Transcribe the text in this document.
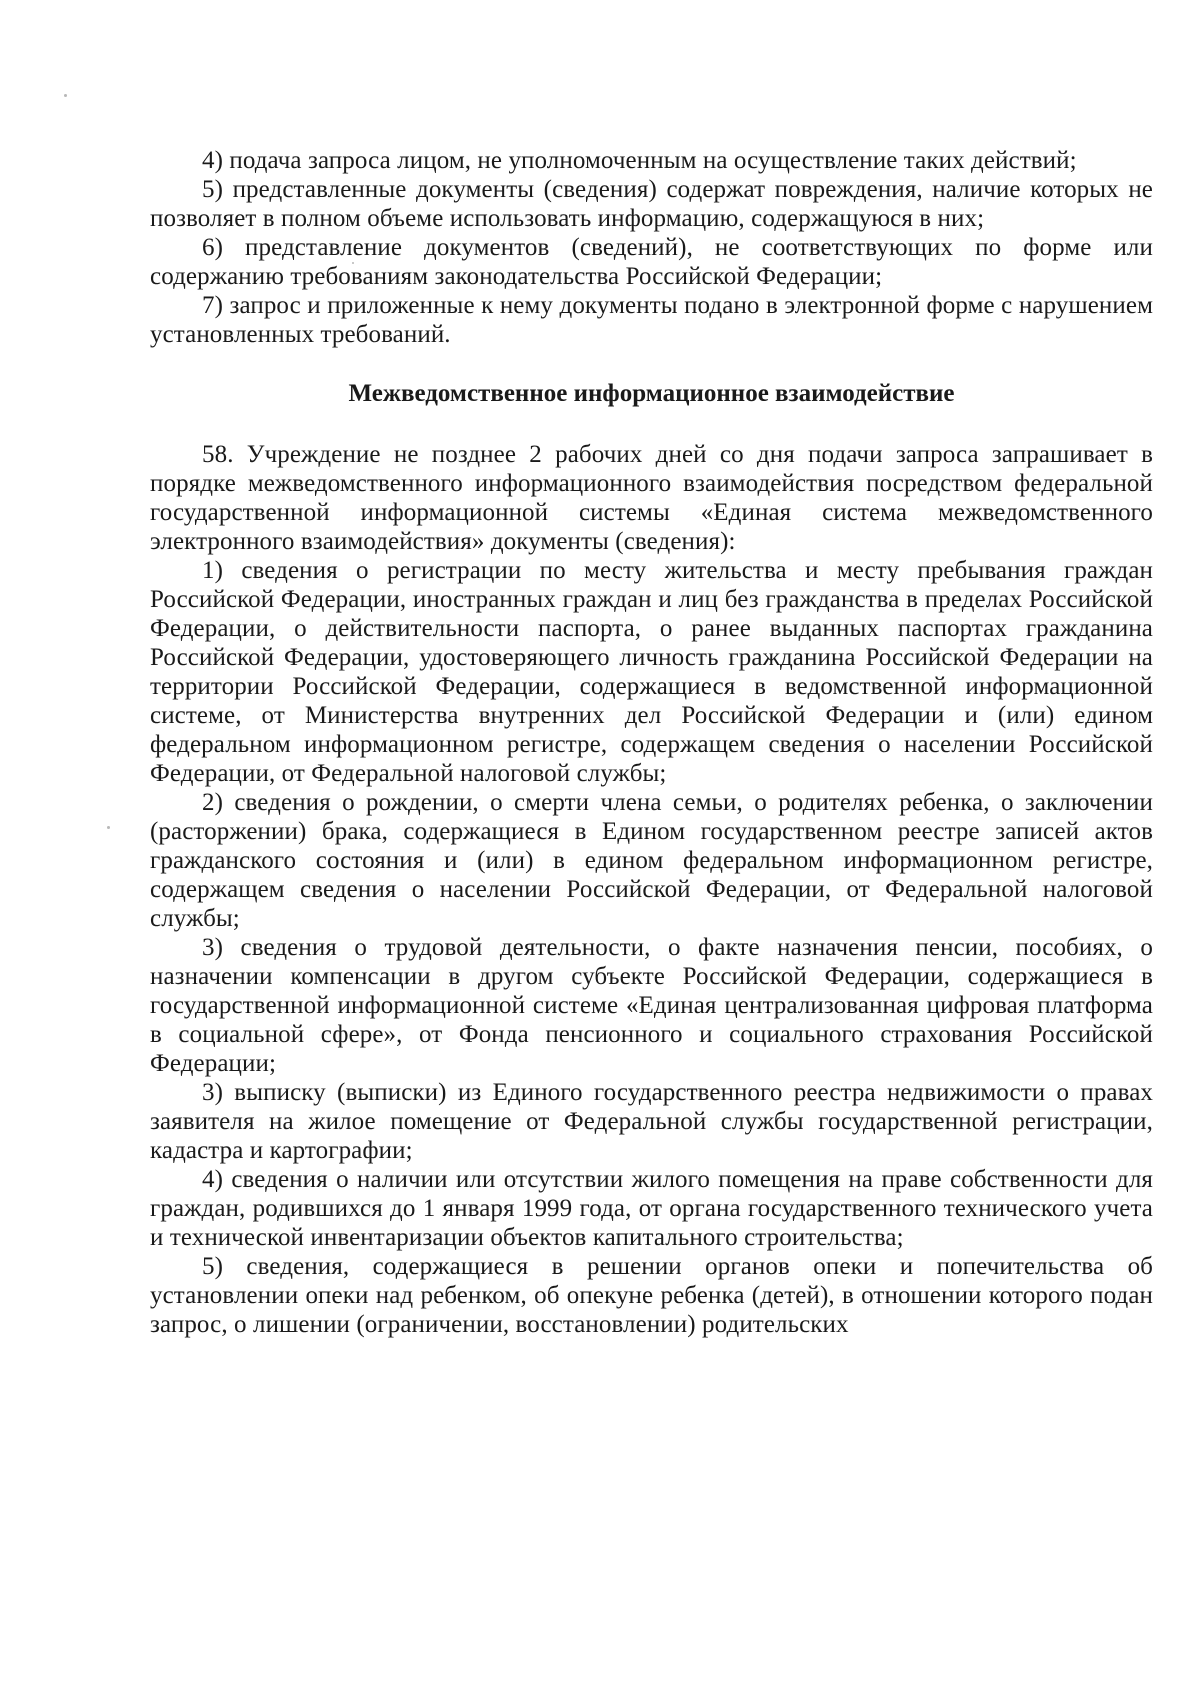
4) подача запроса лицом, не уполномоченным на осуществление таких действий;

5) представленные документы (сведения) содержат повреждения, наличие которых не позволяет в полном объеме использовать информацию, содержащуюся в них;

6) представление документов (сведений), не соответствующих по форме или содержанию требованиям законодательства Российской Федерации;

7) запрос и приложенные к нему документы подано в электронной форме с нарушением установленных требований.

Межведомственное информационное взаимодействие

58. Учреждение не позднее 2 рабочих дней со дня подачи запроса запрашивает в порядке межведомственного информационного взаимодействия посредством федеральной государственной информационной системы «Единая система межведомственного электронного взаимодействия» документы (сведения):

1) сведения о регистрации по месту жительства и месту пребывания граждан Российской Федерации, иностранных граждан и лиц без гражданства в пределах Российской Федерации, о действительности паспорта, о ранее выданных паспортах гражданина Российской Федерации, удостоверяющего личность гражданина Российской Федерации на территории Российской Федерации, содержащиеся в ведомственной информационной системе, от Министерства внутренних дел Российской Федерации и (или) едином федеральном информационном регистре, содержащем сведения о населении Российской Федерации, от Федеральной налоговой службы;

2) сведения о рождении, о смерти члена семьи, о родителях ребенка, о заключении (расторжении) брака, содержащиеся в Едином государственном реестре записей актов гражданского состояния и (или) в едином федеральном информационном регистре, содержащем сведения о населении Российской Федерации, от Федеральной налоговой службы;

3) сведения о трудовой деятельности, о факте назначения пенсии, пособиях, о назначении компенсации в другом субъекте Российской Федерации, содержащиеся в государственной информационной системе «Единая централизованная цифровая платформа в социальной сфере», от Фонда пенсионного и социального страхования Российской Федерации;

3) выписку (выписки) из Единого государственного реестра недвижимости о правах заявителя на жилое помещение от Федеральной службы государственной регистрации, кадастра и картографии;

4) сведения о наличии или отсутствии жилого помещения на праве собственности для граждан, родившихся до 1 января 1999 года, от органа государственного технического учета и технической инвентаризации объектов капитального строительства;

5) сведения, содержащиеся в решении органов опеки и попечительства об установлении опеки над ребенком, об опекуне ребенка (детей), в отношении которого подан запрос, о лишении (ограничении, восстановлении) родительских
